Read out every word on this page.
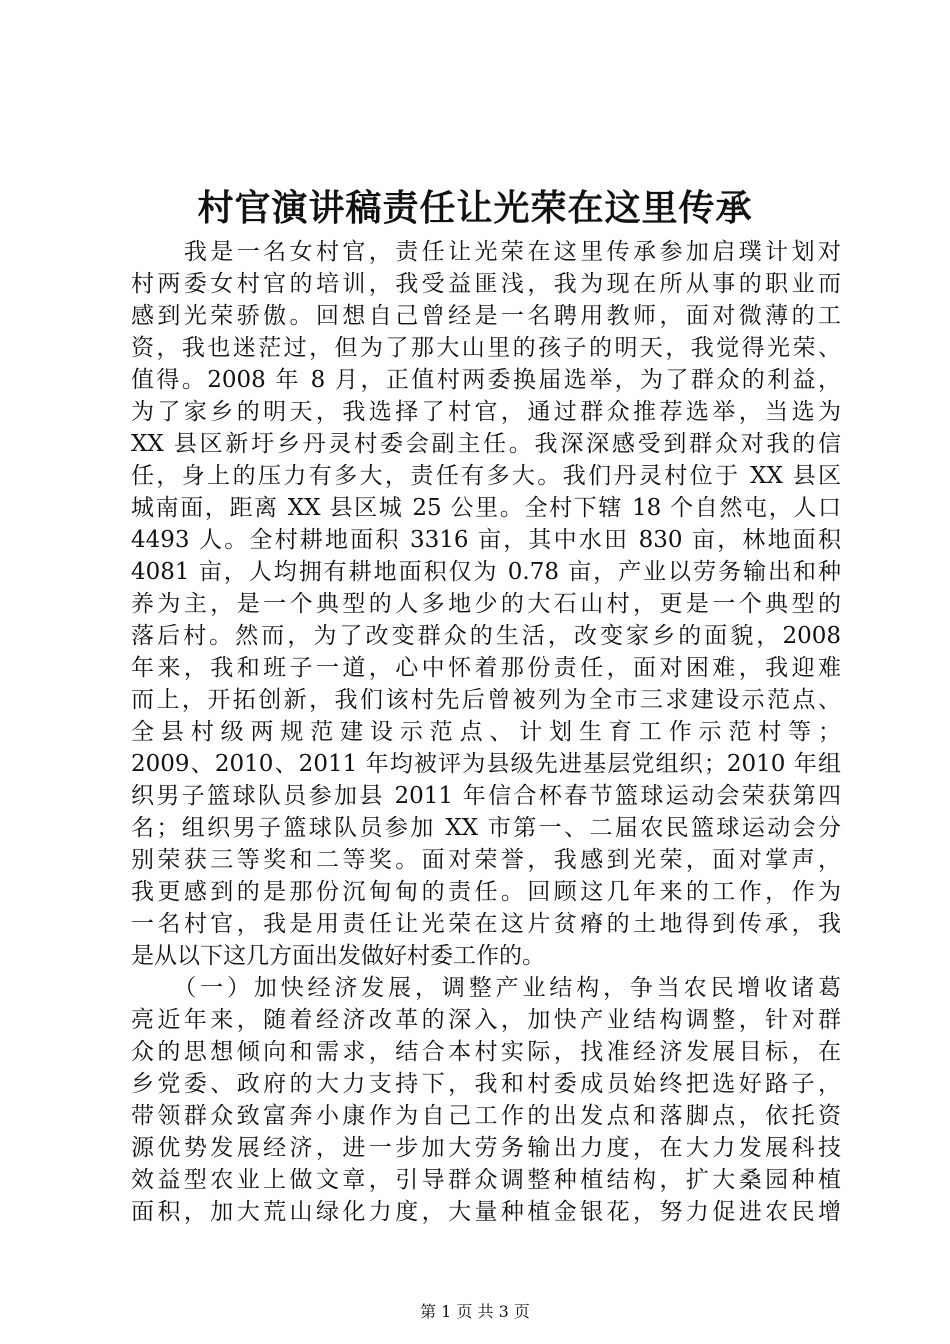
村官演讲稿责任让光荣在这里传承
　　我是一名女村官，责任让光荣在这里传承参加启璞计划对
村两委女村官的培训，我受益匪浅，我为现在所从事的职业而
感到光荣骄傲。回想自己曾经是一名聘用教师，面对微薄的工
资，我也迷茫过，但为了那大山里的孩子的明天，我觉得光荣、
值得。2008 年 8 月，正值村两委换届选举，为了群众的利益，
为了家乡的明天，我选择了村官，通过群众推荐选举，当选为
XX 县区新圩乡丹灵村委会副主任。我深深感受到群众对我的信
任，身上的压力有多大，责任有多大。我们丹灵村位于 XX 县区
城南面，距离 XX 县区城 25 公里。全村下辖 18 个自然屯，人口
4493 人。全村耕地面积 3316 亩，其中水田 830 亩，林地面积
4081 亩，人均拥有耕地面积仅为 0.78 亩，产业以劳务输出和种
养为主，是一个典型的人多地少的大石山村，更是一个典型的
落后村。然而，为了改变群众的生活，改变家乡的面貌，2008
年来，我和班子一道，心中怀着那份责任，面对困难，我迎难
而上，开拓创新，我们该村先后曾被列为全市三求建设示范点、
全县村级两规范建设示范点、计划生育工作示范村等；
2009、2010、2011 年均被评为县级先进基层党组织；2010 年组
织男子篮球队员参加县 2011 年信合杯春节篮球运动会荣获第四
名；组织男子篮球队员参加 XX 市第一、二届农民篮球运动会分
别荣获三等奖和二等奖。面对荣誉，我感到光荣，面对掌声，
我更感到的是那份沉甸甸的责任。回顾这几年来的工作，作为
一名村官，我是用责任让光荣在这片贫瘠的土地得到传承，我
是从以下这几方面出发做好村委工作的。
　　（一）加快经济发展，调整产业结构，争当农民增收诸葛
亮近年来，随着经济改革的深入，加快产业结构调整，针对群
众的思想倾向和需求，结合本村实际，找准经济发展目标，在
乡党委、政府的大力支持下，我和村委成员始终把选好路子，
带领群众致富奔小康作为自己工作的出发点和落脚点，依托资
源优势发展经济，进一步加大劳务输出力度，在大力发展科技
效益型农业上做文章，引导群众调整种植结构，扩大桑园种植
面积，加大荒山绿化力度，大量种植金银花，努力促进农民增
第 1 页 共 3 页
